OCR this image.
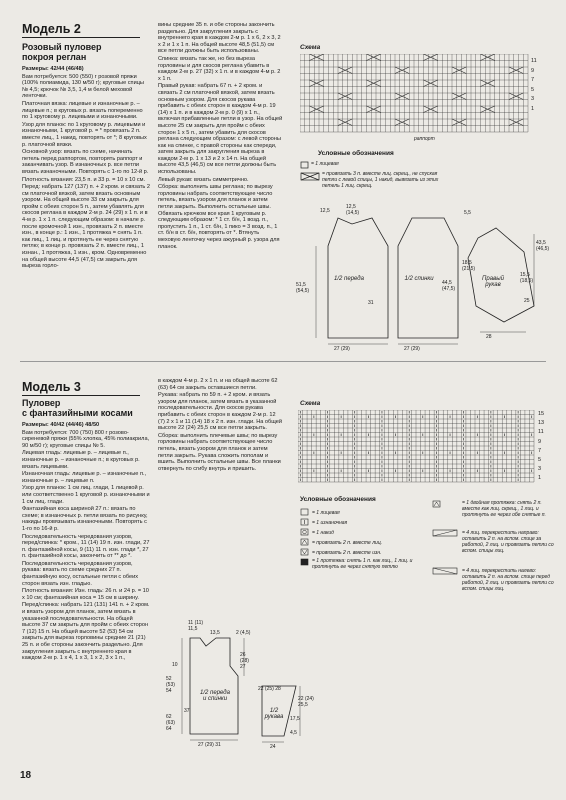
Модель 2
Розовый пуловер
покроя реглан

Размеры: 42/44 (46/48)

Вам потребуется: 500 (550) г розовой пряжи (100% полиамида, 130 м/50 г); круговые спицы № 4,5; крючок № 3,5, 1,4 м белой меховой ленточки.

Платочная вязка: лицевые и изнаночные р. – лицевые п.; в круговых р. вязать попеременно по 1 круговому р. лицевыми и изнаночными.

Узор для планок: по 1 круговому р. лицевыми и изнаночными, 1 круговой р. = * провязать 2 п. вместе лиц., 1 накид, повторять от *; 8 круговых р. платочной вязки.

Основной узор: вязать по схеме, начинать петель перед раппортом, повторять раппорт и заканчивать узор. В изнаночных р. все петли вязать изнаночными. Повторять с 1-го по 12-й р.

Плотность вязания: 23,5 п. и 33 р. = 10 х 10 см.

Перед: набрать 127 (137) п. + 2 кром. и связать 2 см платочной вязкой, затем вязать основным узором. На общей высоте 33 см закрыть для пройм с обеих сторон 5 п., затем убавлять для скосов реглана в каждом 2-м р. 24 (29) х 1 п. и в 4-м р. 1 х 1 п. следующим образом: в начале р. после кромочной 1 изн., провязать 2 п. вместе изн., в конце р.: 1 изн., 1 протяжка = снять 1 п. как лиц., 1 лиц. и протянуть ее через снятую петлю; в конце р. провязать 2 п. вместе лиц., 1 изнан., 1 протяжка, 1 изн., кром. Одновременно на общей высоте 44,5 (47,5) см закрыть для выреза горло-

вины средние 35 п. и обе стороны закончить раздельно. Для закругления закрыть с внутреннего края в каждом 2-м р. 1 х 6, 2 х 3, 2 х 2 и 1 х 1 п. На общей высоте 48,5 (51,5) см все петли должны быть использованы.

Спинка: вязать так же, но без выреза горловины и для скосов реглана убавить в каждом 2-м р. 27 (32) х 1 п. и в каждом 4-м р. 2 х 1 п.

Правый рукав: набрать 67 п. + 2 кром. и связать 2 см платочной вязкой, затем вязать основным узором. Для скосов рукава прибавить с обеих сторон в каждом 4-м р. 19 (14) х 1 п. и в каждом 2-м р. 0 (9) х 1 п., включая прибавленные петли в узор. На общей высоте 25 см закрыть для пройм с обеих сторон 1 х 5 п., затем убавить для скосов реглана следующим образом: с левой стороны как на спинке, с правой стороны как спереди, затем закрыть для закругления выреза в каждом 2-м р. 1 х 13 и 2 х 14 п. На общей высоте 43,5 (46,5) см все петли должны быть использованы.

Левый рукав: вязать симметрично.

Сборка: выполнить швы реглана; по вырезу горловины набрать соответствующее число петель, вязать узором для планок и затем петли закрыть. Выполнить остальные швы. Обвязать крючком все края 1 круговым р. следующим образом: * 1 ст. б/н, 1 возд. п., пропустить 1 п., 1 ст. б/н, 1 пико = 3 возд. п., 1 ст. б/н в ст. б/н, повторять от *. Втянуть меховую ленточку через ажурный р. узора для планок.

Схема
11
9
7
5
3
1
раппорт
Условные обозначения
= 1 лицевая
= провязать 3 п. вместе лиц. скрещ., не спуская петли с левой спицы, 1 накид, вывязать из этих петель 1 лиц. скрещ.
1/2 переда	1/2 спинки	Правый рукав
27 (29)	27 (29)
28
51,5 (54,5)
31
12,5
12,5 (14,5)
44,5 (47,5)
5,5
18,5 (21,5)
43,5 (46,5)
15,5 (18,5)
25
Модель 3
Пуловер
с фантазийными косами

Размеры: 40/42 (44/46) 48/50

Вам потребуется: 700 (750) 800 г розово-сиреневой пряжи (55% хлопка, 45% полиакрила, 90 м/50 г); круговые спицы № 5.

Лицевая гладь: лицевые р. – лицевые п., изнаночные р. – изнаночные п.; в круговых р. вязать лицевыми.

Изнаночная гладь: лицевые р. – изнаночные п., изнаночные р. – лицевые п.

Узор для планок: 1 см лиц. глади, 1 лицевой р. или соответственно 1 круговой р. изнаночными и 1 см лиц. глади.

Фантазийная коса шириной 27 п.: вязать по схеме; в изнаночных р. петли вязать по рисунку, накиды провязывать изнаночными. Повторять с 1-го по 16-й р.

Последовательность чередования узоров, перед/спинка: * кром., 11 (14) 19 п. изн. глади, 27 п. фантазийной косы, 9 (11) 11 п. изн. глади *, 27 п. фантазийной косы, закончить от ** до *.

Последовательность чередования узоров, рукава: вязать по схеме средних 27 п. фантазийную косу, остальные петли с обеих сторон вязать изн. гладью.

Плотность вязания: Изн. гладь: 26 п. и 24 р. = 10 х 10 см; фантазийная коса = 15 см в ширину.

Перед/спинка: набрать 121 (131) 141 п. + 2 кром. и вязать узором для планок, затем вязать в указанной последовательности. На общей высоте 37 см закрыть для пройм с обеих сторон 7 (12) 15 п. На общей высоте 52 (53) 54 см закрыть для выреза горловины средние 21 (21) 25 п. и обе стороны закончить раздельно. Для закругления закрыть с внутреннего края в каждом 2-м р. 1 х 4, 1 х 3, 1 х 2, 3 х 1 п.,

в каждом 4-м р. 2 х 1 п. и на общей высоте 62 (63) 64 см закрыть оставшиеся петли.

Рукава: набрать по 59 п. + 2 кром. и вязать узором для планок, затем вязать в указанной последовательности. Для скосов рукава прибавить с обеих сторон в каждом 2-м р. 12 (7) 2 х 1 и 11 (14) 18 х 2 п. изн. глади. На общей высоте 22 (24) 25,5 см все петли закрыть.

Сборка: выполнить плечевые швы; по вырезу горловины набрать соответствующее число петель, вязать узором для планок и затем петли закрыть. Рукава сложить пополам и вшить. Выполнить остальные швы. Все планки отвернуть по сгибу внутрь и пришить.

Схема
15
13
11
9
7
5
3
1
Условные обозначения
= 1 лицевая
= 1 изнаночная
= 1 накид
= провязать 2 п. вместе лиц.
= провязать 2 п. вместе изн.
= 1 протяжка: снять 1 п. как лиц., 1 лиц. и протянуть ее через снятую петлю
= 1 двойная протяжка: снять 2 п. вместе как лиц. скрещ., 1 лиц. и протянуть ее через обе снятые п.
= 4 лиц. перекрестить направо: оставить 2 п. на вспом. спице за работой, 2 лиц. и провязать петли со вспом. спицы лиц.
= 4 лиц. перекрестить налево: оставить 2 п. на вспом. спице перед работой, 2 лиц. и провязать петли со вспом. спицы лиц.
1/2 переда и спинки
1/2 рукава
27 (29) 31	24
22 (25) 28
11 (11) 11,5
13,5	2 (4,5)
26 (28) 27
52 (53) 54
10
37
62 (63) 64
22 (24) 25,5
17,5
4,5
18
